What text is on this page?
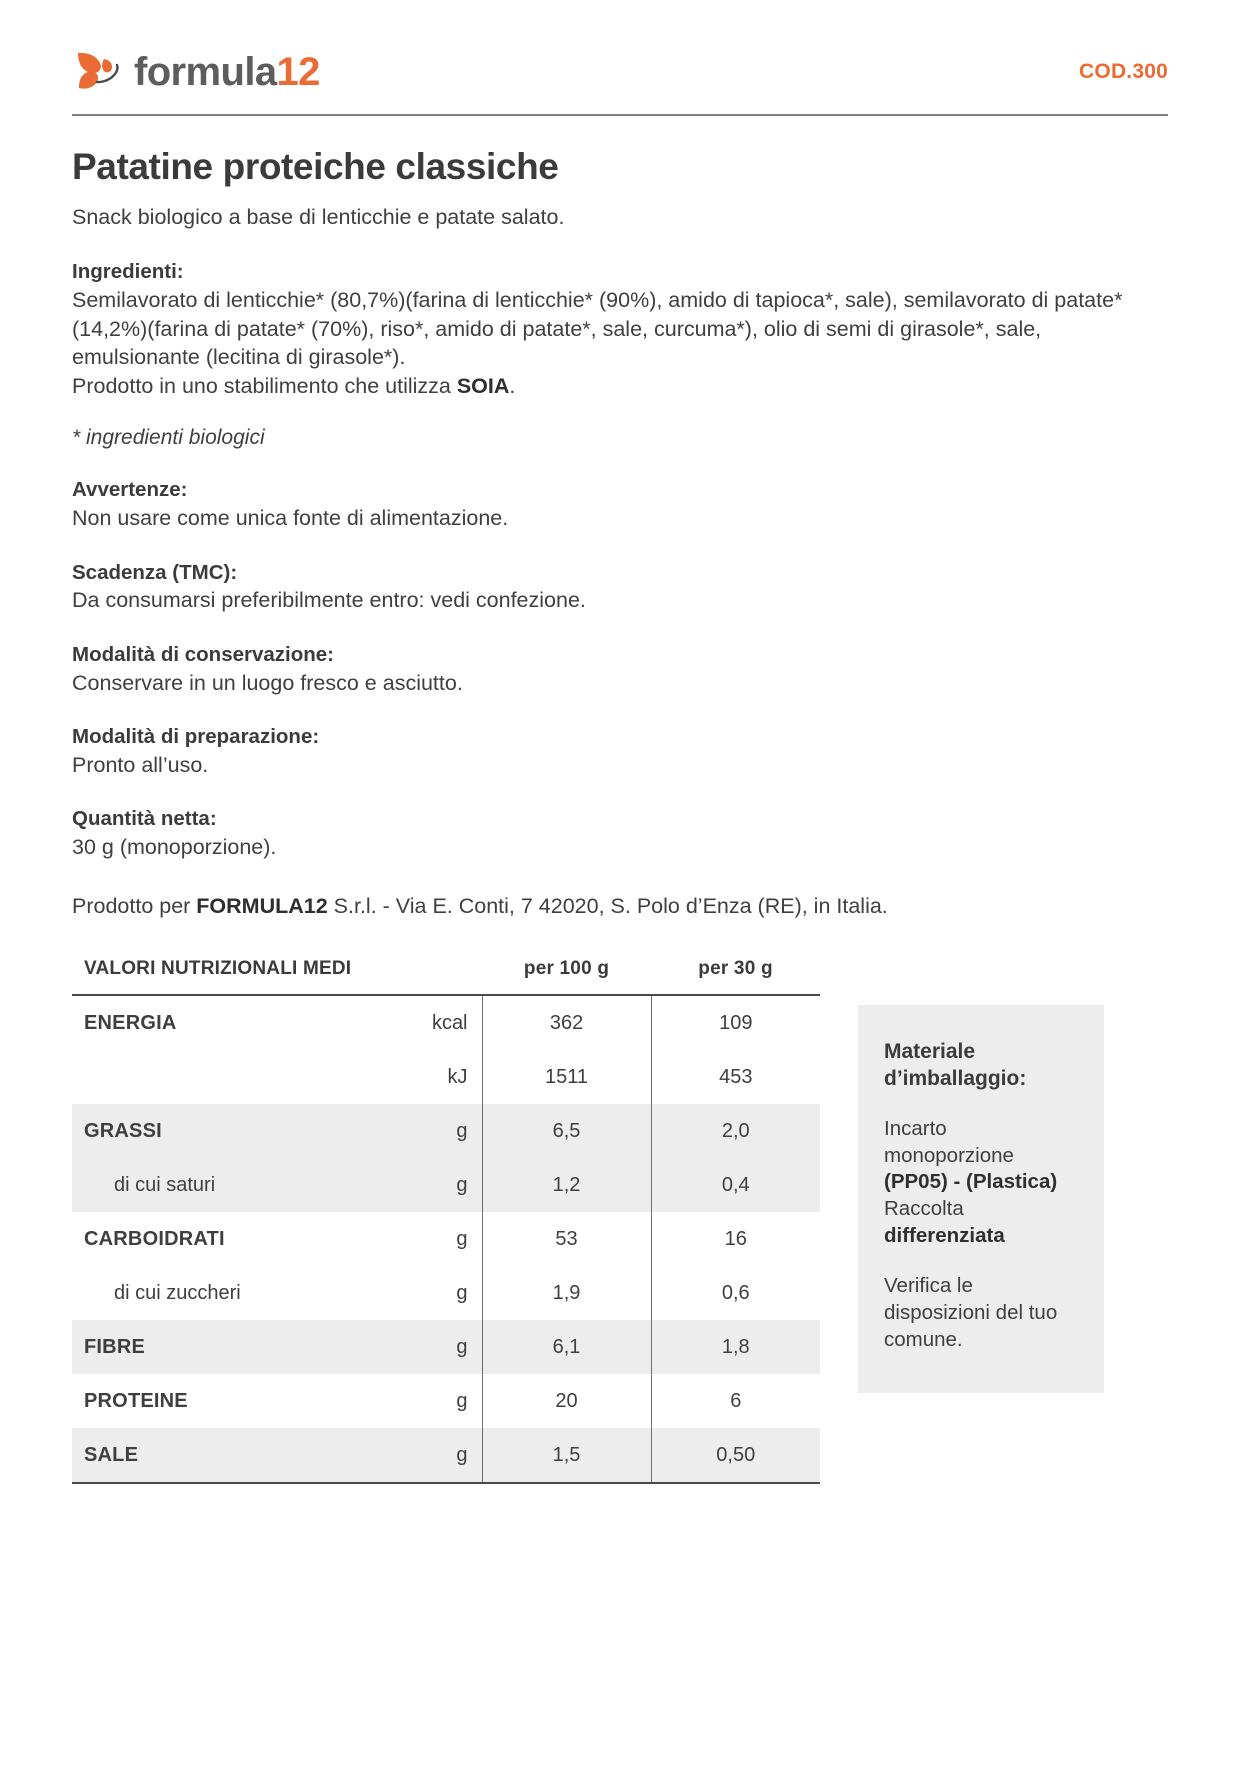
formula12	COD.300
Patatine proteiche classiche
Snack biologico a base di lenticchie e patate salato.
Ingredienti:
Semilavorato di lenticchie* (80,7%)(farina di lenticchie* (90%), amido di tapioca*, sale), semilavorato di patate* (14,2%)(farina di patate* (70%), riso*, amido di patate*, sale, curcuma*), olio di semi di girasole*, sale, emulsionante (lecitina di girasole*).
Prodotto in uno stabilimento che utilizza SOIA.
* ingredienti biologici
Avvertenze:
Non usare come unica fonte di alimentazione.
Scadenza (TMC):
Da consumarsi preferibilmente entro: vedi confezione.
Modalità di conservazione:
Conservare in un luogo fresco e asciutto.
Modalità di preparazione:
Pronto all’uso.
Quantità netta:
30 g (monoporzione).
Prodotto per FORMULA12 S.r.l. - Via E. Conti, 7 42020, S. Polo d’Enza (RE), in Italia.
VALORI NUTRIZIONALI MEDI		per 100 g	per 30 g
ENERGIA	kcal	362	109
	kJ	1511	453
GRASSI	g	6,5	2,0
di cui saturi	g	1,2	0,4
CARBOIDRATI	g	53	16
di cui zuccheri	g	1,9	0,6
FIBRE	g	6,1	1,8
PROTEINE	g	20	6
SALE	g	1,5	0,50
Materiale d’imballaggio:
Incarto monoporzione (PP05) - (Plastica) Raccolta differenziata
Verifica le disposizioni del tuo comune.
